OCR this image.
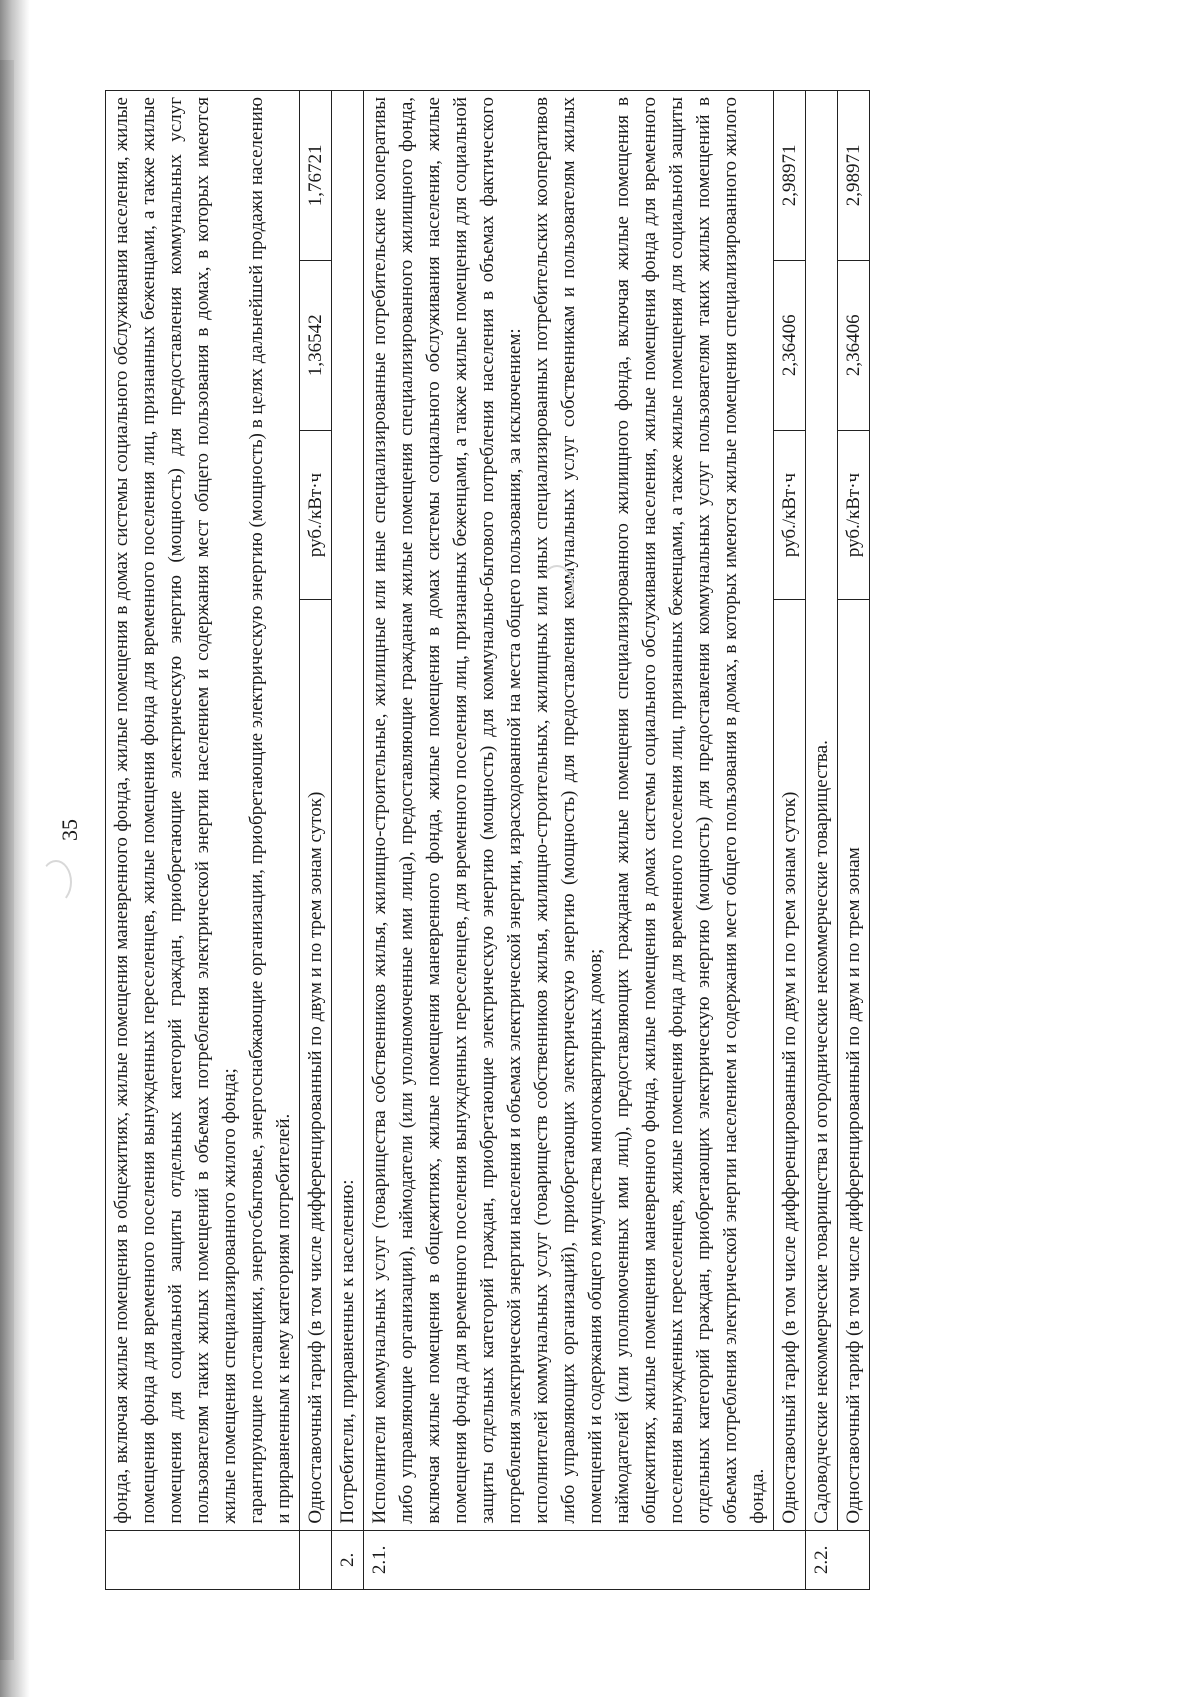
35

	фонда, включая жилые помещения в общежитиях, жилые помещения маневренного фонда, жилые помещения в домах системы социального обслуживания населения, жилые помещения фонда для временного поселения вынужденных переселенцев, жилые помещения фонда для временного поселения лиц, признанных беженцами, а также жилые помещения для социальной защиты отдельных категорий граждан, приобретающие электрическую энергию (мощность) для предоставления коммунальных услуг пользователям таких жилых помещений в объемах потребления электрической энергии населением и содержания мест общего пользования в домах, в которых имеются жилые помещения специализированного жилого фонда; гарантирующие поставщики, энергосбытовые, энергоснабжающие организации, приобретающие электрическую энергию (мощность) в целях дальнейшей продажи населению и приравненным к нему категориям потребителей.			

	Одноставочный тариф (в том числе дифференцированный по двум и по трем зонам суток)	руб./кВт·ч	1,36542	1,76721
2.	Потребители, приравненные к населению:			
2.1.	Исполнители коммунальных услуг (товарищества собственников жилья, жилищно-строительные, жилищные или иные специализированные потребительские кооперативы либо управляющие организации), наймодатели (или уполномоченные ими лица), предоставляющие гражданам жилые помещения специализированного жилищного фонда, включая жилые помещения в общежитиях, жилые помещения маневренного фонда, жилые помещения в домах системы социального обслуживания населения, жилые помещения фонда для временного поселения вынужденных переселенцев, для временного поселения лиц, признанных беженцами, а также жилые помещения для социальной защиты отдельных категорий граждан, приобретающие электрическую энергию (мощность) для коммунально-бытового потребления населения в объемах фактического потребления электрической энергии населения и объемах электрической энергии, израсходованной на места общего пользования, за исключением: исполнителей коммунальных услуг (товариществ собственников жилья, жилищно-строительных, жилищных или иных специализированных потребительских кооперативов либо управляющих организаций), приобретающих электрическую энергию (мощность) для предоставления коммунальных услуг собственникам и пользователям жилых помещений и содержания общего имущества многоквартирных домов; наймодателей (или уполномоченных ими лиц), предоставляющих гражданам жилые помещения специализированного жилищного фонда, включая жилые помещения в общежитиях, жилые помещения маневренного фонда, жилые помещения в домах системы социального обслуживания населения, жилые помещения фонда для временного поселения вынужденных переселенцев, жилые помещения фонда для временного поселения лиц, признанных беженцами, а также жилые помещения для социальной защиты отдельных категорий граждан, приобретающих электрическую энергию (мощность) для предоставления коммунальных услуг пользователям таких жилых помещений в объемах потребления электрической энергии населением и содержания мест общего пользования в домах, в которых имеются жилые помещения специализированного жилого фонда.			

	Одноставочный тариф (в том числе дифференцированный по двум и по трем зонам суток)	руб./кВт·ч	2,36406	2,98971
2.2.	Садоводческие некоммерческие товарищества и огороднические некоммерческие товарищества.			
	Одноставочный тариф (в том числе дифференцированный по двум и по трем зонам	руб./кВт·ч	2,36406	2,98971
